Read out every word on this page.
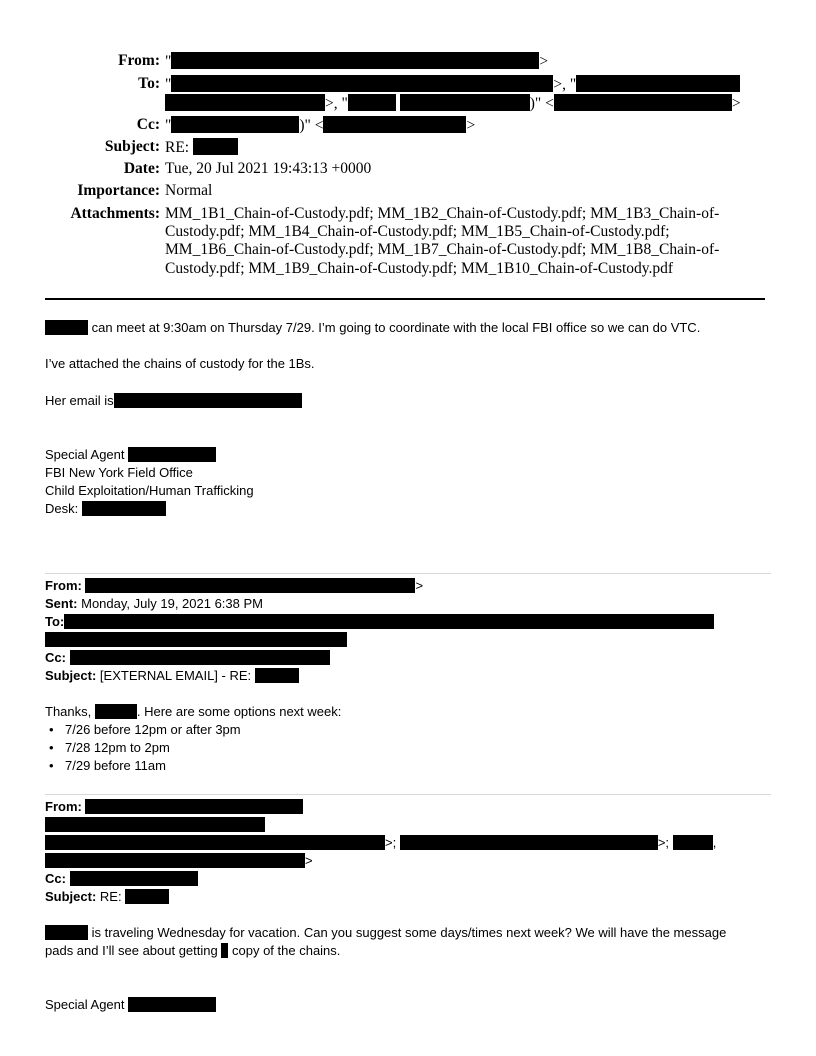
From: "	>
To: "	>, "
>, "	)" <	>
Cc: "	)" <	>
Subject: RE:
Date: Tue, 20 Jul 2021 19:43:13 +0000
Importance: Normal
Attachments: MM_1B1_Chain-of-Custody.pdf; MM_1B2_Chain-of-Custody.pdf; MM_1B3_Chain-of-Custody.pdf; MM_1B4_Chain-of-Custody.pdf; MM_1B5_Chain-of-Custody.pdf; MM_1B6_Chain-of-Custody.pdf; MM_1B7_Chain-of-Custody.pdf; MM_1B8_Chain-of-Custody.pdf; MM_1B9_Chain-of-Custody.pdf; MM_1B10_Chain-of-Custody.pdf
can meet at 9:30am on Thursday 7/29. I’m going to coordinate with the local FBI office so we can do VTC.
I’ve attached the chains of custody for the 1Bs.
Her email is
Special Agent
FBI New York Field Office
Child Exploitation/Human Trafficking
Desk:
From:	>
Sent: Monday, July 19, 2021 6:38 PM
To:
Cc:
Subject: [EXTERNAL EMAIL] - RE:
Thanks,	. Here are some options next week:
• 7/26 before 12pm or after 3pm
• 7/28 12pm to 2pm
• 7/29 before 11am
From:
>;	>;	,
>
Cc:
Subject: RE:
is traveling Wednesday for vacation. Can you suggest some days/times next week? We will have the message
pads and I’ll see about getting copy of the chains.
Special Agent
